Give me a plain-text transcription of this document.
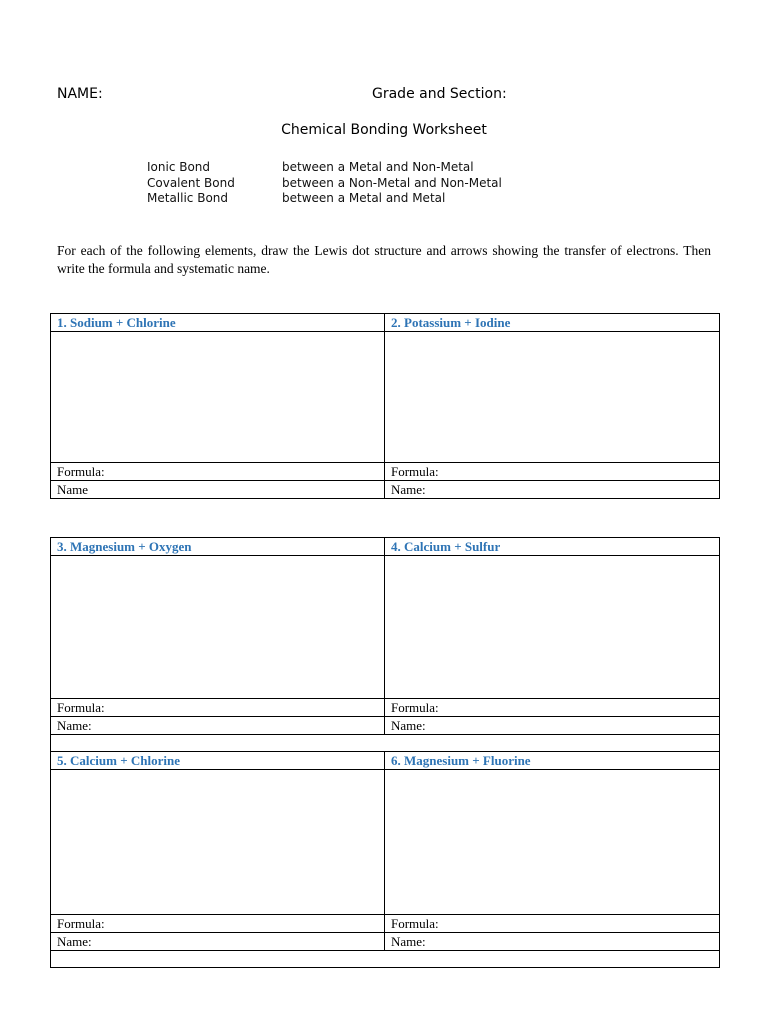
NAME:	Grade and Section:
Chemical Bonding Worksheet
Ionic Bond	between a Metal and Non-Metal
Covalent Bond	between a Non-Metal and Non-Metal
Metallic Bond	between a Metal and Metal
For each of the following elements, draw the Lewis dot structure and arrows showing the transfer of electrons. Then write the formula and systematic name.
1. Sodium + Chlorine	2. Potassium + Iodine

Formula:	Formula:
Name	Name:
3. Magnesium + Oxygen	4. Calcium + Sulfur

Formula:	Formula:
Name:	Name:

5. Calcium + Chlorine	6. Magnesium + Fluorine

Formula:	Formula:
Name:	Name:
